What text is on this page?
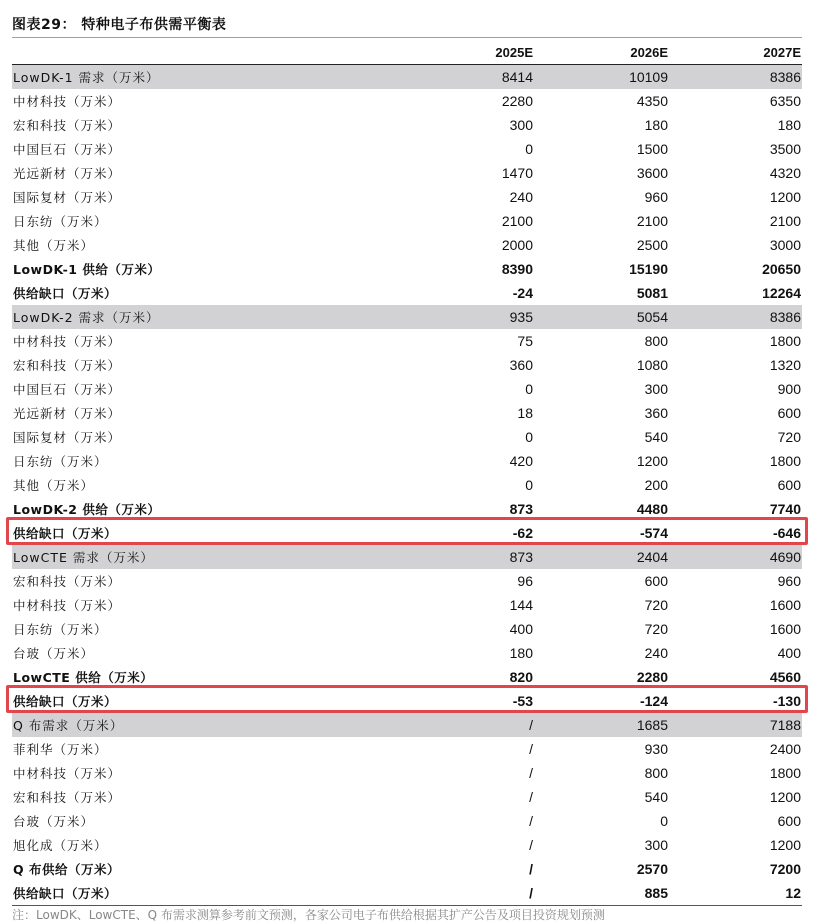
图表29： 特种电子布供需平衡表
	2025E	2026E	2027E
LowDK-1 需求（万米）	8414	10109	8386
中材科技（万米）	2280	4350	6350
宏和科技（万米）	300	180	180
中国巨石（万米）	0	1500	3500
光远新材（万米）	1470	3600	4320
国际复材（万米）	240	960	1200
日东纺（万米）	2100	2100	2100
其他（万米）	2000	2500	3000
LowDK-1 供给（万米）	8390	15190	20650
供给缺口（万米）	-24	5081	12264
LowDK-2 需求（万米）	935	5054	8386
中材科技（万米）	75	800	1800
宏和科技（万米）	360	1080	1320
中国巨石（万米）	0	300	900
光远新材（万米）	18	360	600
国际复材（万米）	0	540	720
日东纺（万米）	420	1200	1800
其他（万米）	0	200	600
LowDK-2 供给（万米）	873	4480	7740
供给缺口（万米）	-62	-574	-646
LowCTE 需求（万米）	873	2404	4690
宏和科技（万米）	96	600	960
中材科技（万米）	144	720	1600
日东纺（万米）	400	720	1600
台玻（万米）	180	240	400
LowCTE 供给（万米）	820	2280	4560
供给缺口（万米）	-53	-124	-130
Q 布需求（万米）	/	1685	7188
菲利华（万米）	/	930	2400
中材科技（万米）	/	800	1800
宏和科技（万米）	/	540	1200
台玻（万米）	/	0	600
旭化成（万米）	/	300	1200
Q 布供给（万米）	/	2570	7200
供给缺口（万米）	/	885	12
注：LowDK、LowCTE、Q 布需求测算参考前文预测，各家公司电子布供给根据其扩产公告及项目投资规划预测
